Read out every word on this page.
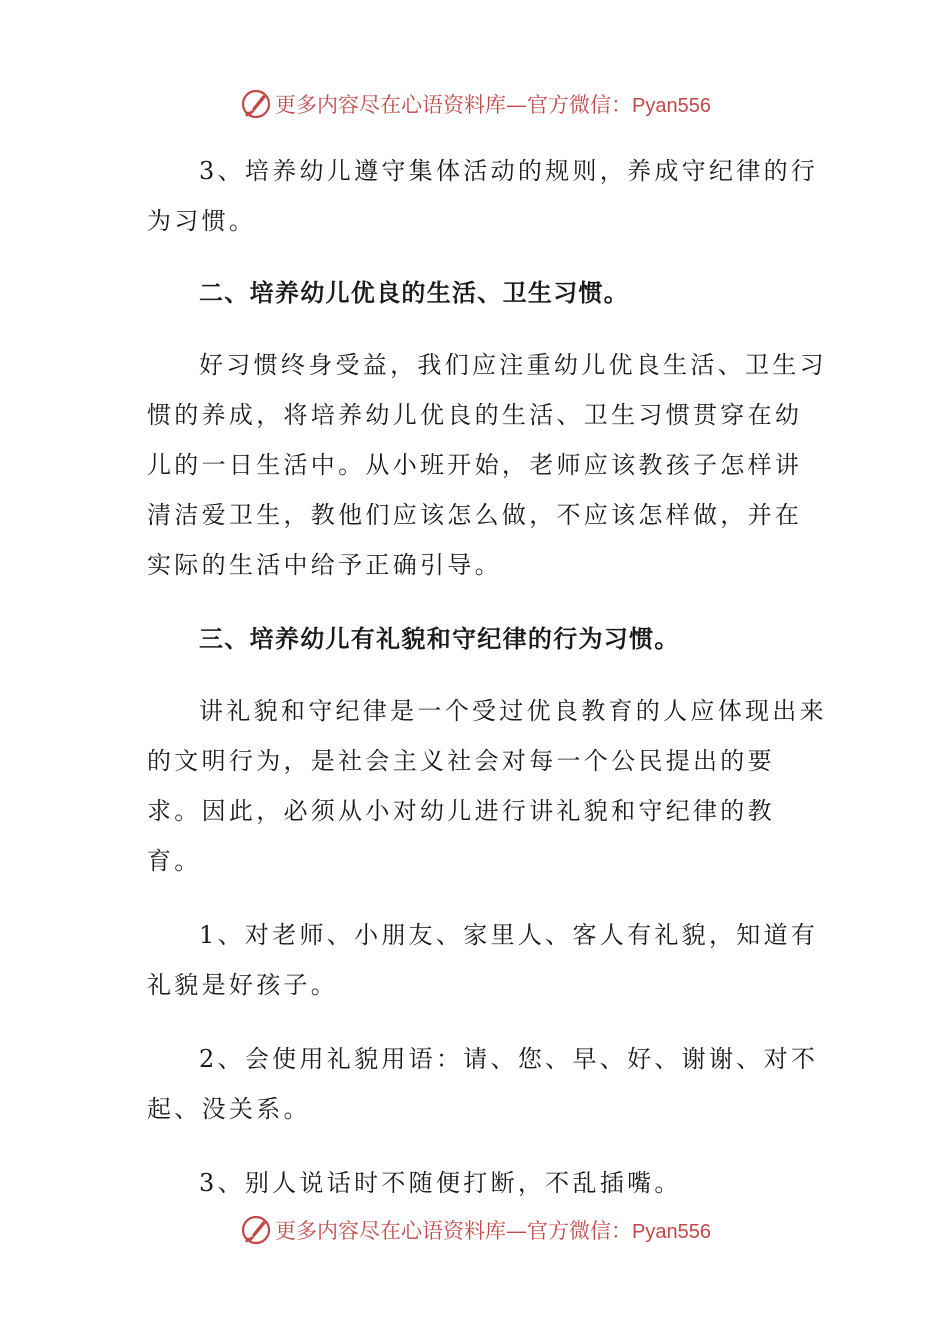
更多内容尽在心语资料库—官方微信：Pyan556

3、培养幼儿遵守集体活动的规则，养成守纪律的行为习惯。

二、培养幼儿优良的生活、卫生习惯。

好习惯终身受益，我们应注重幼儿优良生活、卫生习惯的养成，将培养幼儿优良的生活、卫生习惯贯穿在幼儿的一日生活中。从小班开始，老师应该教孩子怎样讲清洁爱卫生，教他们应该怎么做，不应该怎样做，并在实际的生活中给予正确引导。

三、培养幼儿有礼貌和守纪律的行为习惯。

讲礼貌和守纪律是一个受过优良教育的人应体现出来的文明行为，是社会主义社会对每一个公民提出的要求。因此，必须从小对幼儿进行讲礼貌和守纪律的教育。

1、对老师、小朋友、家里人、客人有礼貌，知道有礼貌是好孩子。

2、会使用礼貌用语：请、您、早、好、谢谢、对不起、没关系。

3、别人说话时不随便打断，不乱插嘴。

更多内容尽在心语资料库—官方微信：Pyan556
